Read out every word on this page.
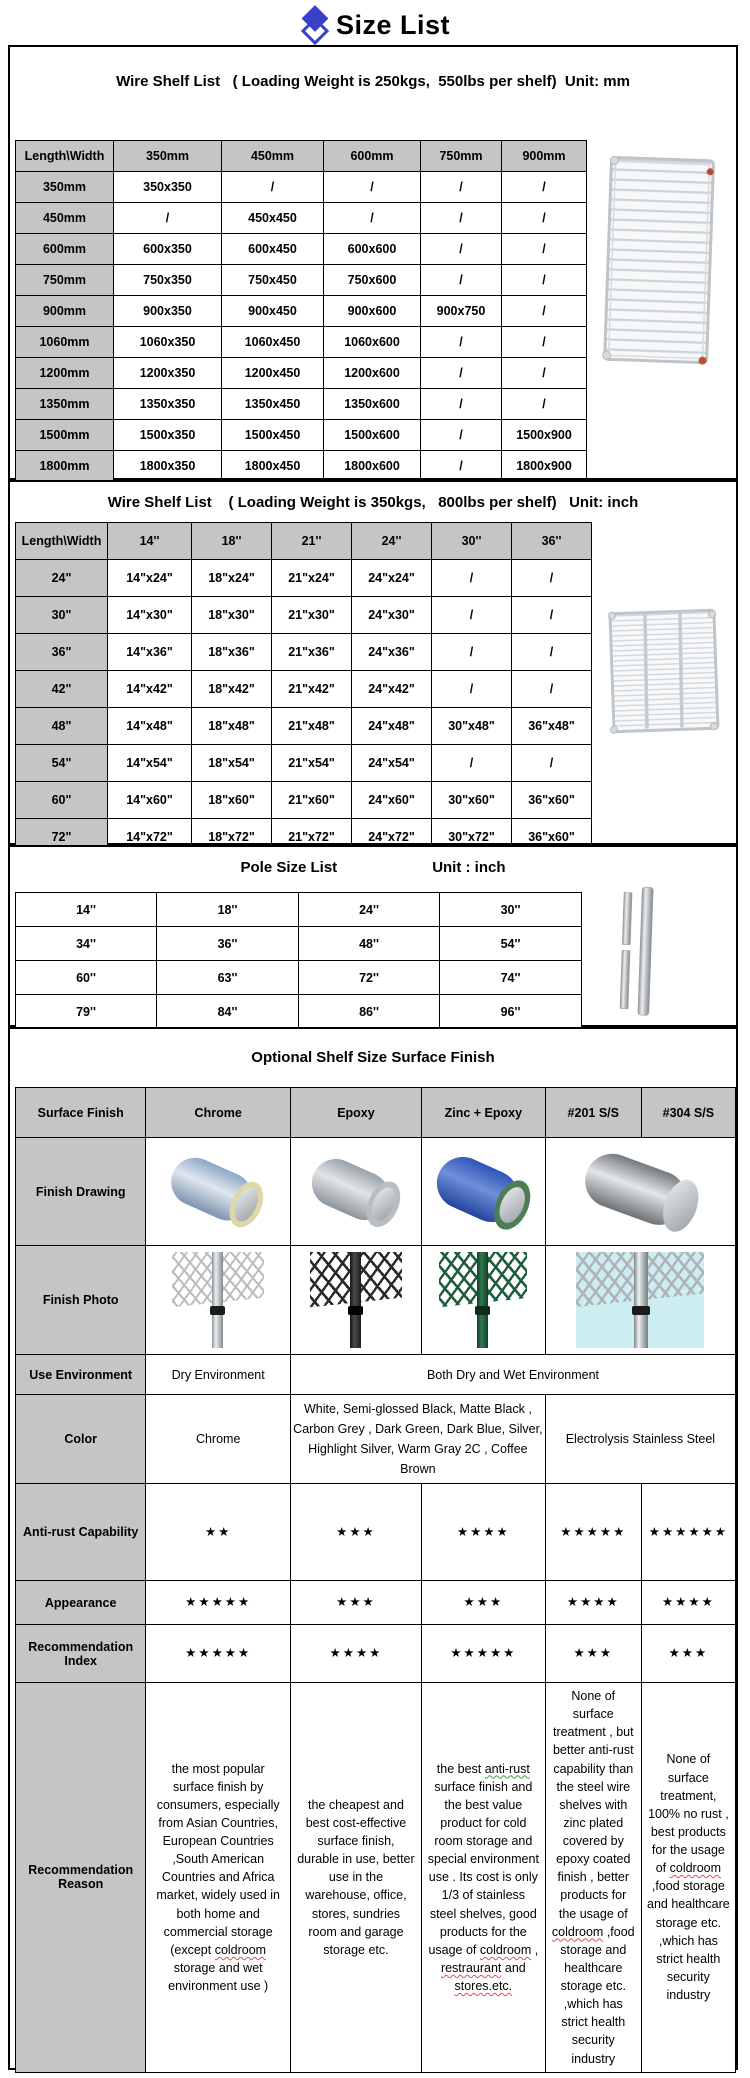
Size List
Wire Shelf List   ( Loading Weight is 250kgs,  550lbs per shelf)  Unit: mm
Length\Width	350mm	450mm	600mm	750mm	900mm
350mm	350x350	/	/	/	/
450mm	/	450x450	/	/	/
600mm	600x350	600x450	600x600	/	/
750mm	750x350	750x450	750x600	/	/
900mm	900x350	900x450	900x600	900x750	/
1060mm	1060x350	1060x450	1060x600	/	/
1200mm	1200x350	1200x450	1200x600	/	/
1350mm	1350x350	1350x450	1350x600	/	/
1500mm	1500x350	1500x450	1500x600	/	1500x900
1800mm	1800x350	1800x450	1800x600	/	1800x900
Wire Shelf List    ( Loading Weight is 350kgs,   800lbs per shelf)   Unit: inch
Length\Width	14''	18''	21''	24''	30''	36''
24"	14"x24"	18"x24"	21"x24"	24"x24"	/	/
30"	14"x30"	18"x30"	21"x30"	24"x30"	/	/
36"	14"x36"	18"x36"	21"x36"	24"x36"	/	/
42"	14"x42"	18"x42"	21"x42"	24"x42"	/	/
48"	14"x48"	18"x48"	21"x48"	24"x48"	30"x48"	36"x48"
54"	14"x54"	18"x54"	21"x54"	24"x54"	/	/
60"	14"x60"	18"x60"	21"x60"	24"x60"	30"x60"	36"x60"
72"	14"x72"	18"x72"	21"x72"	24"x72"	30"x72"	36"x60"
Pole Size List	Unit : inch
14''	18''	24''	30''
34''	36''	48''	54''
60''	63''	72''	74''
79''	84''	86''	96''
Optional Shelf Size Surface Finish
Surface Finish	Chrome	Epoxy	Zinc + Epoxy	#201 S/S	#304 S/S
Finish Drawing	

Finish Photo		

Use Environment	Dry Environment	Both Dry and Wet Environment			
Color	Chrome	White, Semi-glossed Black, Matte Black , Carbon Grey , Dark Green, Dark Blue, Silver, Highlight Silver, Warm Gray 2C , Coffee Brown		Electrolysis Stainless Steel	
Anti-rust Capability	★★	★★★	★★★★	★★★★★	★★★★★★
Appearance	★★★★★	★★★	★★★	★★★★	★★★★
Recommendation Index	★★★★★	★★★★	★★★★★	★★★	★★★
Recommendation Reason	the most popular surface finish by consumers, especially from Asian Countries, European Countries ,South American Countries and Africa market, widely used in both home and commercial storage (except coldroom storage and wet environment use )	the cheapest and best cost-effective surface finish, durable in use, better use in the warehouse, office, stores, sundries room and garage storage etc.	the best anti-rust surface finish and the best value product for cold room storage and special environment use . Its cost is only 1/3 of stainless steel shelves, good products for the usage of coldroom , restraurant and stores.etc.	None of surface treatment , but better anti-rust capability than the steel wire shelves with zinc plated covered by epoxy coated finish , better products for the usage of coldroom ,food storage and healthcare storage etc. ,which has strict health security industry	None of surface treatment, 100% no rust , best products for the usage of coldroom ,food storage and healthcare storage etc. ,which has strict health security industry
